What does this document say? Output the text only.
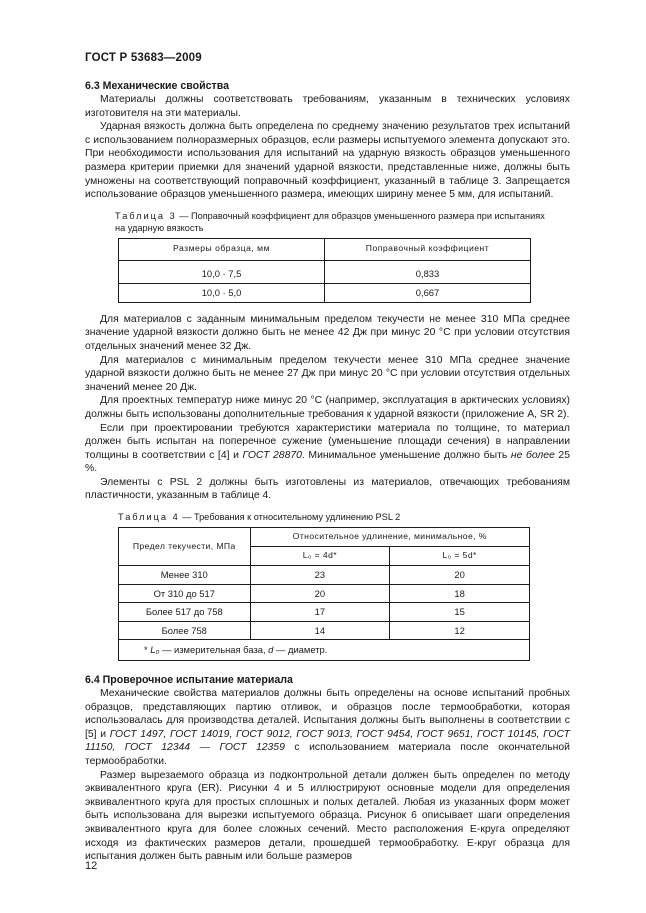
ГОСТ Р 53683—2009
6.3 Механические свойства

Материалы должны соответствовать требованиям, указанным в технических условиях изготовителя на эти материалы.

Ударная вязкость должна быть определена по среднему значению результатов трех испытаний с использованием полноразмерных образцов, если размеры испытуемого элемента допускают это. При необходимости использования для испытаний на ударную вязкость образцов уменьшенного размера критерии приемки для значений ударной вязкости, представленные ниже, должны быть умножены на соответствующий поправочный коэффициент, указанный в таблице 3. Запрещается использование образцов уменьшенного размера, имеющих ширину менее 5 мм, для испытаний.

Таблица 3 — Поправочный коэффициент для образцов уменьшенного размера при испытаниях на ударную вязкость
Размеры образца, мм	Поправочный коэффициент
10,0 · 7,5	0,833
10,0 · 5,0	0,667

Для материалов с заданным минимальным пределом текучести не менее 310 МПа среднее значение ударной вязкости должно быть не менее 42 Дж при минус 20 °С при условии отсутствия отдельных значений менее 32 Дж.

Для материалов с минимальным пределом текучести менее 310 МПа среднее значение ударной вязкости должно быть не менее 27 Дж при минус 20 °С при условии отсутствия отдельных значений менее 20 Дж.

Для проектных температур ниже минус 20 °С (например, эксплуатация в арктических условиях) должны быть использованы дополнительные требования к ударной вязкости (приложение А, SR 2).

Если при проектировании требуются характеристики материала по толщине, то материал должен быть испытан на поперечное сужение (уменьшение площади сечения) в направлении толщины в соответствии с [4] и ГОСТ 28870. Минимальное уменьшение должно быть не более 25 %.

Элементы с PSL 2 должны быть изготовлены из материалов, отвечающих требованиям пластичности, указанным в таблице 4.

Таблица 4 — Требования к относительному удлинению PSL 2
Предел текучести, МПа	Относительное удлинение, минимальное, %	
	L₀ = 4d*	L₀ = 5d*
Менее 310	23	20
От 310 до 517	20	18
Более 517 до 758	17	15
Более 758	14	12
* L₀ — измерительная база, d — диаметр.		
6.4 Проверочное испытание материала

Механические свойства материалов должны быть определены на основе испытаний пробных образцов, представляющих партию отливок, и образцов после термообработки, которая использовалась для производства деталей. Испытания должны быть выполнены в соответствии с [5] и ГОСТ 1497, ГОСТ 14019, ГОСТ 9012, ГОСТ 9013, ГОСТ 9454, ГОСТ 9651, ГОСТ 10145, ГОСТ 11150, ГОСТ 12344 — ГОСТ 12359 с использованием материала после окончательной термообработки.

Размер вырезаемого образца из подконтрольной детали должен быть определен по методу эквивалентного круга (ER). Рисунки 4 и 5 иллюстрируют основные модели для определения эквивалентного круга для простых сплошных и полых деталей. Любая из указанных форм может быть использована для вырезки испытуемого образца. Рисунок 6 описывает шаги определения эквивалентного круга для более сложных сечений. Место расположения Е-круга определяют исходя из фактических размеров детали, прошедшей термообработку. Е-круг образца для испытания должен быть равным или больше размеров

12
